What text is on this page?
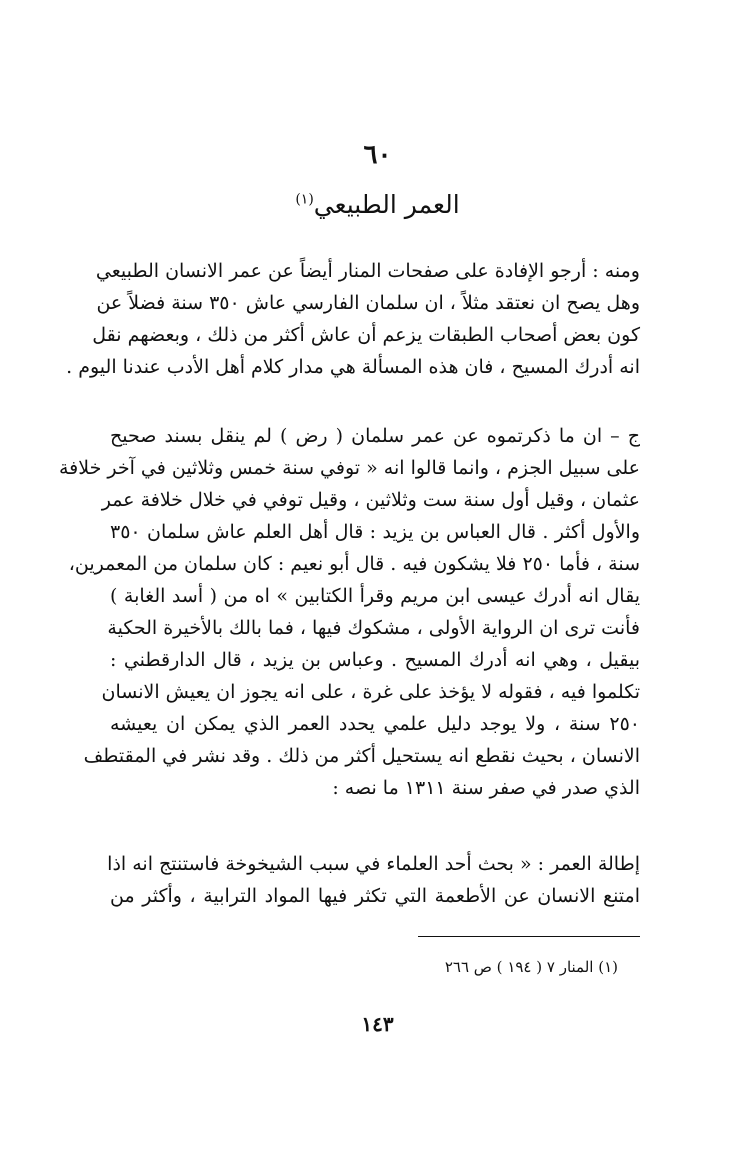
٦٠
العمر الطبيعي$^{(١)}$
ومنه : أرجو الإفادة على صفحات المنار أيضاً عن عمر الانسان الطبيعي
وهل يصح ان نعتقد مثلاً ، ان سلمان الفارسي عاش ٣٥٠ سنة فضلاً عن
كون بعض أصحاب الطبقات يزعم أن عاش أكثر من ذلك ، وبعضهم نقل
انه أدرك المسيح ، فان هذه المسألة هي مدار كلام أهل الأدب عندنا اليوم .
ج – ان ما ذكرتموه عن عمر سلمان ( رض ) لم ينقل بسند صحيح
على سبيل الجزم ، وانما قالوا انه « توفي سنة خمس وثلاثين في آخر خلافة
عثمان ، وقيل أول سنة ست وثلاثين ، وقيل توفي في خلال خلافة عمر
والأول أكثر . قال العباس بن يزيد : قال أهل العلم عاش سلمان ٣٥٠
سنة ، فأما ٢٥٠ فلا يشكون فيه . قال أبو نعيم : كان سلمان من المعمرين،
يقال انه أدرك عيسى ابن مريم وقرأ الكتابين » اه من ( أسد الغابة )
فأنت ترى ان الرواية الأولى ، مشكوك فيها ، فما بالك بالأخيرة الحكية
بيقيل ، وهي انه أدرك المسيح . وعباس بن يزيد ، قال الدارقطني :
تكلموا فيه ، فقوله لا يؤخذ على غرة ، على انه يجوز ان يعيش الانسان
٢٥٠ سنة ، ولا يوجد دليل علمي يحدد العمر الذي يمكن ان يعيشه
الانسان ، بحيث نقطع انه يستحيل أكثر من ذلك . وقد نشر في المقتطف
الذي صدر في صفر سنة ١٣١١ ما نصه :
إطالة العمر : « بحث أحد العلماء في سبب الشيخوخة فاستنتج انه اذا
امتنع الانسان عن الأطعمة التي تكثر فيها المواد الترابية ، وأكثر من
(١) المنار ٧ ( ١٩٤ ) ص ٢٦٦
١٤٣
